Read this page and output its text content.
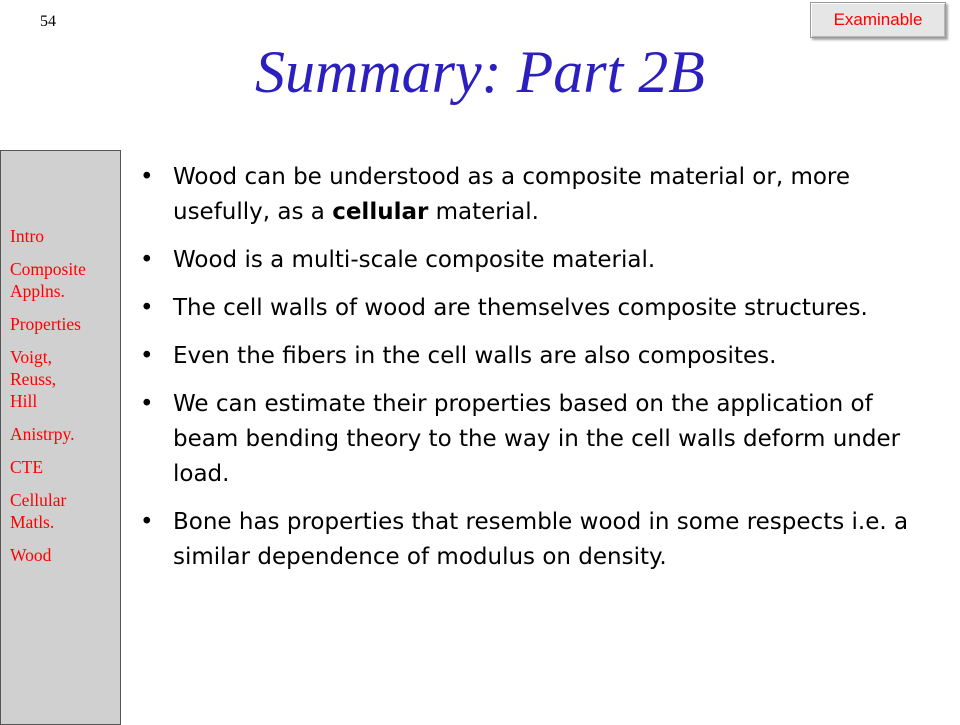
54	Examinable
Summary: Part 2B
Intro
Composite
Applns.
Properties
Voigt,
Reuss,
Hill
Anistrpy.
CTE
Cellular
Matls.
Wood
• Wood can be understood as a composite material or, more usefully, as a cellular material.
• Wood is a multi-scale composite material.
• The cell walls of wood are themselves composite structures.
• Even the fibers in the cell walls are also composites.
• We can estimate their properties based on the application of beam bending theory to the way in the cell walls deform under load.
• Bone has properties that resemble wood in some respects i.e. a similar dependence of modulus on density.
